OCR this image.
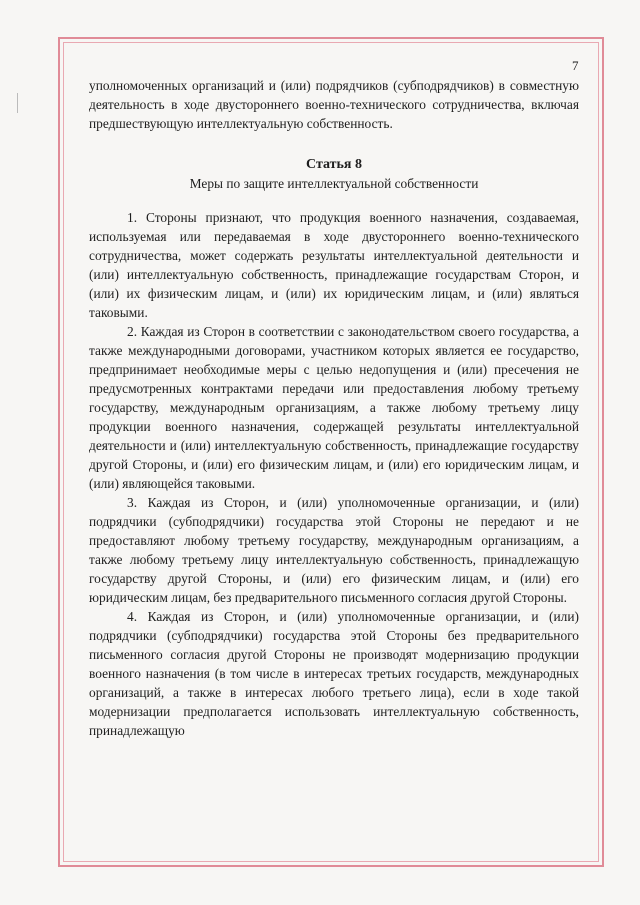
7

уполномоченных организаций и (или) подрядчиков (субподрядчиков) в совместную деятельность в ходе двустороннего военно-технического сотрудничества, включая предшествующую интеллектуальную собственность.

Статья 8

Меры по защите интеллектуальной собственности

1. Стороны признают, что продукция военного назначения, создаваемая, используемая или передаваемая в ходе двустороннего военно-технического сотрудничества, может содержать результаты интеллектуальной деятельности и (или) интеллектуальную собственность, принадлежащие государствам Сторон, и (или) их физическим лицам, и (или) их юридическим лицам, и (или) являться таковыми.

2. Каждая из Сторон в соответствии с законодательством своего государства, а также международными договорами, участником которых является ее государство, предпринимает необходимые меры с целью недопущения и (или) пресечения не предусмотренных контрактами передачи или предоставления любому третьему государству, международным организациям, а также любому третьему лицу продукции военного назначения, содержащей результаты интеллектуальной деятельности и (или) интеллектуальную собственность, принадлежащие государству другой Стороны, и (или) его физическим лицам, и (или) его юридическим лицам, и (или) являющейся таковыми.

3. Каждая из Сторон, и (или) уполномоченные организации, и (или) подрядчики (субподрядчики) государства этой Стороны не передают и не предоставляют любому третьему государству, международным организациям, а также любому третьему лицу интеллектуальную собственность, принадлежащую государству другой Стороны, и (или) его физическим лицам, и (или) его юридическим лицам, без предварительного письменного согласия другой Стороны.

4. Каждая из Сторон, и (или) уполномоченные организации, и (или) подрядчики (субподрядчики) государства этой Стороны без предварительного письменного согласия другой Стороны не производят модернизацию продукции военного назначения (в том числе в интересах третьих государств, международных организаций, а также в интересах любого третьего лица), если в ходе такой модернизации предполагается использовать интеллектуальную собственность, принадлежащую
